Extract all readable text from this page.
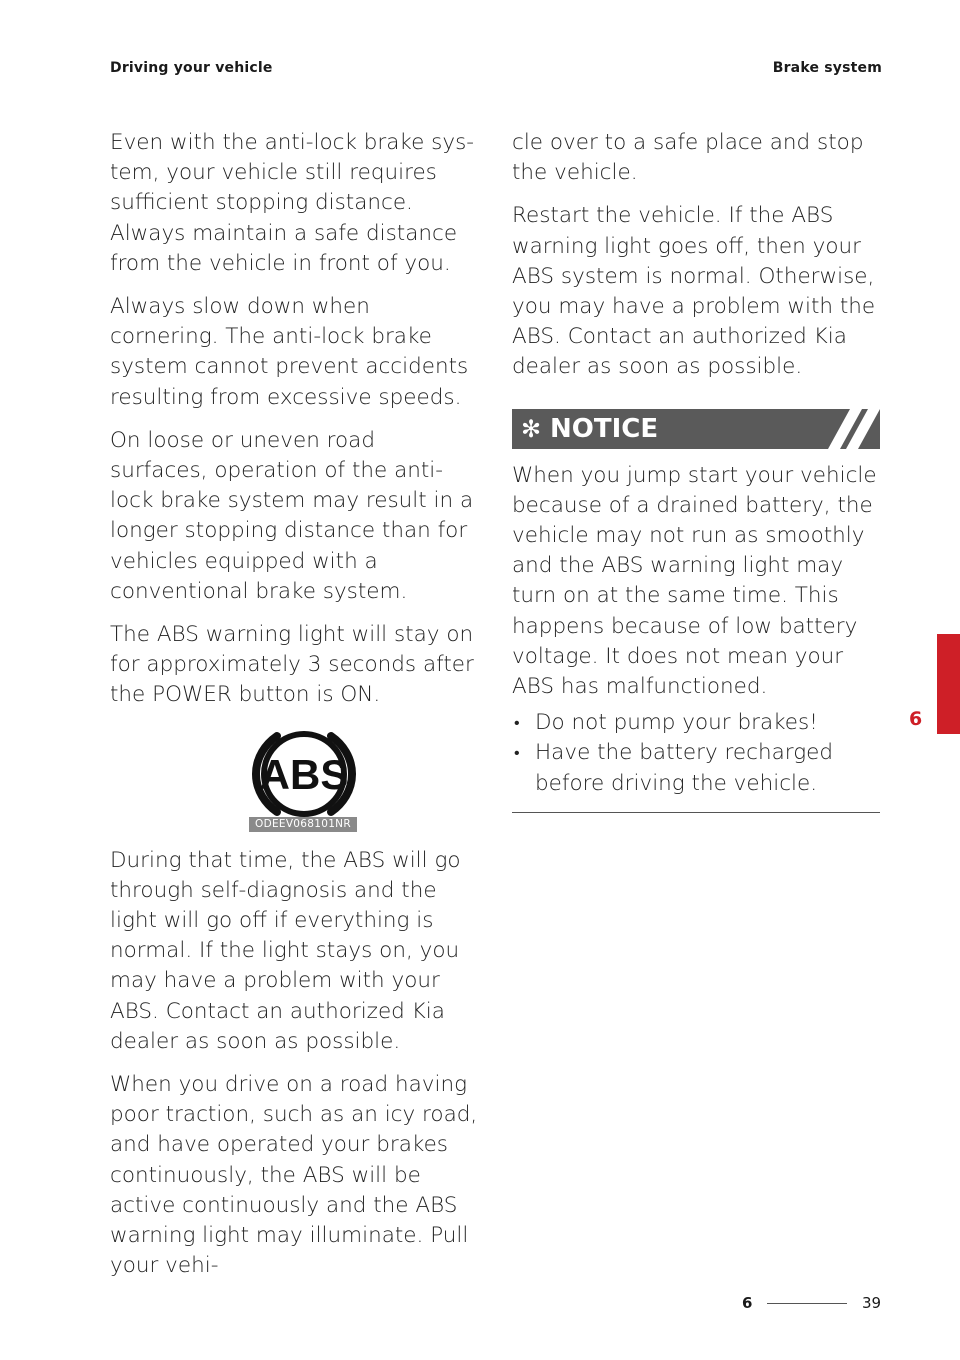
Driving your vehicle	Brake system

Even with the anti-lock brake system, your vehicle still requires sufficient stopping distance. Always maintain a safe distance from the vehicle in front of you.

Always slow down when cornering. The anti-lock brake system cannot prevent accidents resulting from excessive speeds.

On loose or uneven road surfaces, operation of the anti-lock brake system may result in a longer stopping distance than for vehicles equipped with a conventional brake system.

The ABS warning light will stay on for approximately 3 seconds after the POWER button is ON.

ABS
ODEEV068101NR

During that time, the ABS will go through self-diagnosis and the light will go off if everything is normal. If the light stays on, you may have a problem with your ABS. Contact an authorized Kia dealer as soon as possible.

When you drive on a road having poor traction, such as an icy road, and have operated your brakes continuously, the ABS will be active continuously and the ABS warning light may illuminate. Pull your vehi-

cle over to a safe place and stop the vehicle.

Restart the vehicle. If the ABS warning light goes off, then your ABS system is normal. Otherwise, you may have a problem with the ABS. Contact an authorized Kia dealer as soon as possible.

✻ NOTICE

When you jump start your vehicle because of a drained battery, the vehicle may not run as smoothly and the ABS warning light may turn on at the same time. This happens because of low battery voltage. It does not mean your ABS has malfunctioned.

• Do not pump your brakes!
• Have the battery recharged before driving the vehicle.
6
6	39
